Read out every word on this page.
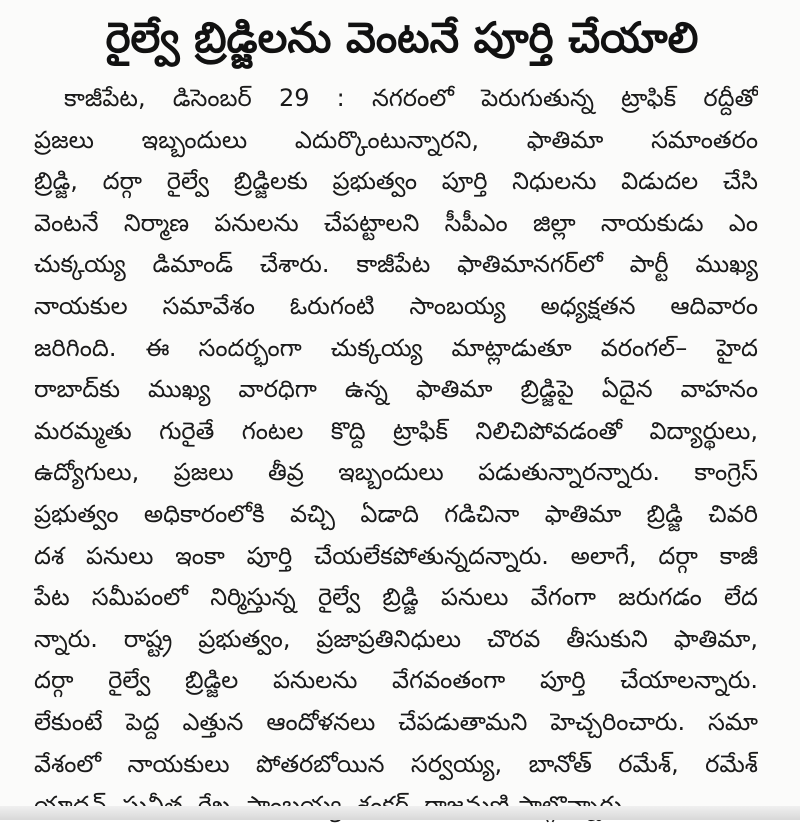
రైల్వే బ్రిడ్జిలను వెంటనే పూర్తి చేయాలి
కాజీపేట, డిసెంబర్ 29 : నగరంలో పెరుగుతున్న ట్రాఫిక్ రద్దీతో
ప్రజలు ఇబ్బందులు ఎదుర్కొంటున్నారని, ఫాతిమా సమాంతరం
బ్రిడ్జి, దర్గా రైల్వే బ్రిడ్జిలకు ప్రభుత్వం పూర్తి నిధులను విడుదల చేసి
వెంటనే నిర్మాణ పనులను చేపట్టాలని సీపీఎం జిల్లా నాయకుడు ఎం
చుక్కయ్య డిమాండ్ చేశారు. కాజీపేట ఫాతిమానగర్‌లో పార్టీ ముఖ్య
నాయకుల సమావేశం ఓరుగంటి సాంబయ్య అధ్యక్షతన ఆదివారం
జరిగింది. ఈ సందర్భంగా చుక్కయ్య మాట్లాడుతూ వరంగల్– హైద
రాబాద్‌కు ముఖ్య వారధిగా ఉన్న ఫాతిమా బ్రిడ్జిపై ఏదైన వాహనం
మరమ్మతు గురైతే గంటల కొద్ది ట్రాఫిక్ నిలిచిపోవడంతో విద్యార్థులు,
ఉద్యోగులు, ప్రజలు తీవ్ర ఇబ్బందులు పడుతున్నారన్నారు. కాంగ్రెస్
ప్రభుత్వం అధికారంలోకి వచ్చి ఏడాది గడిచినా ఫాతిమా బ్రిడ్జి చివరి
దశ పనులు ఇంకా పూర్తి చేయలేకపోతున్నదన్నారు. అలాగే, దర్గా కాజీ
పేట సమీపంలో నిర్మిస్తున్న రైల్వే బ్రిడ్జి పనులు వేగంగా జరుగడం లేద
న్నారు. రాష్ట్ర ప్రభుత్వం, ప్రజాప్రతినిధులు చొరవ తీసుకుని ఫాతిమా,
దర్గా రైల్వే బ్రిడ్జిల పనులను వేగవంతంగా పూర్తి చేయాలన్నారు.
లేకుంటే పెద్ద ఎత్తున ఆందోళనలు చేపడుతామని హెచ్చరించారు. సమా
వేశంలో నాయకులు పోతరబోయిన సర్వయ్య, బానోత్ రమేశ్, రమేశ్
